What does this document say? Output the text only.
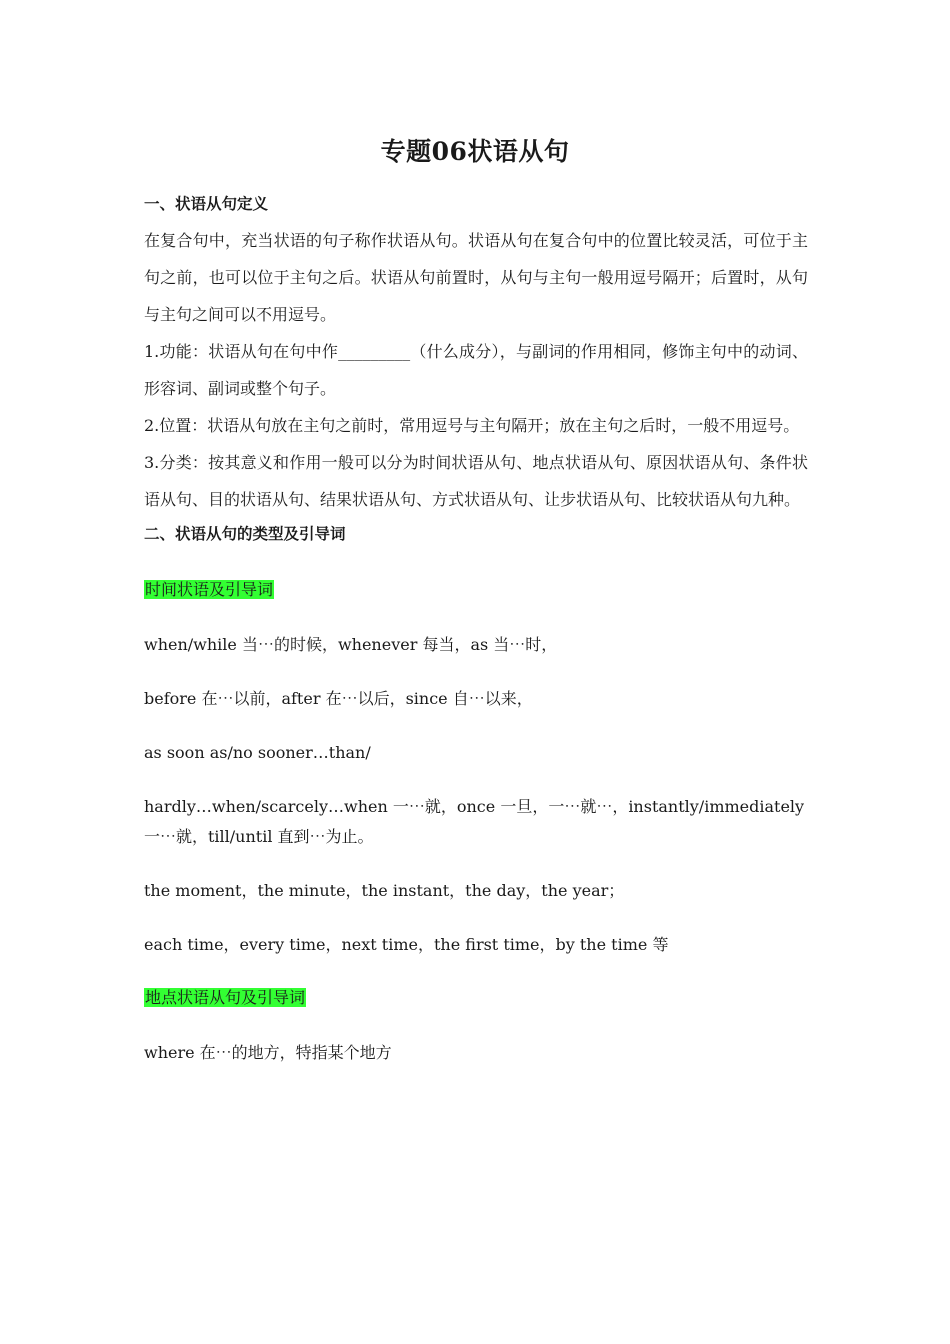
专题06状语从句
一、状语从句定义

在复合句中，充当状语的句子称作状语从句。状语从句在复合句中的位置比较灵活，可位于主句之前，也可以位于主句之后。状语从句前置时，从句与主句一般用逗号隔开；后置时，从句与主句之间可以不用逗号。

1.功能：状语从句在句中作_________（什么成分），与副词的作用相同，修饰主句中的动词、形容词、副词或整个句子。

2.位置：状语从句放在主句之前时，常用逗号与主句隔开；放在主句之后时，一般不用逗号。

3.分类：按其意义和作用一般可以分为时间状语从句、地点状语从句、原因状语从句、条件状语从句、目的状语从句、结果状语从句、方式状语从句、让步状语从句、比较状语从句九种。

二、状语从句的类型及引导词

时间状语及引导词

when/while 当⋯的时候，whenever 每当，as 当⋯时，

before 在⋯以前，after 在⋯以后，since 自⋯以来，

as soon as/no sooner…than/

hardly…when/scarcely…when 一⋯就，once 一旦，一⋯就⋯，instantly/immediately 一⋯就，till/until 直到⋯为止。

the moment，the minute，the instant，the day，the year；

each time，every time，next time，the first time，by the time 等

地点状语从句及引导词

where 在⋯的地方，特指某个地方
